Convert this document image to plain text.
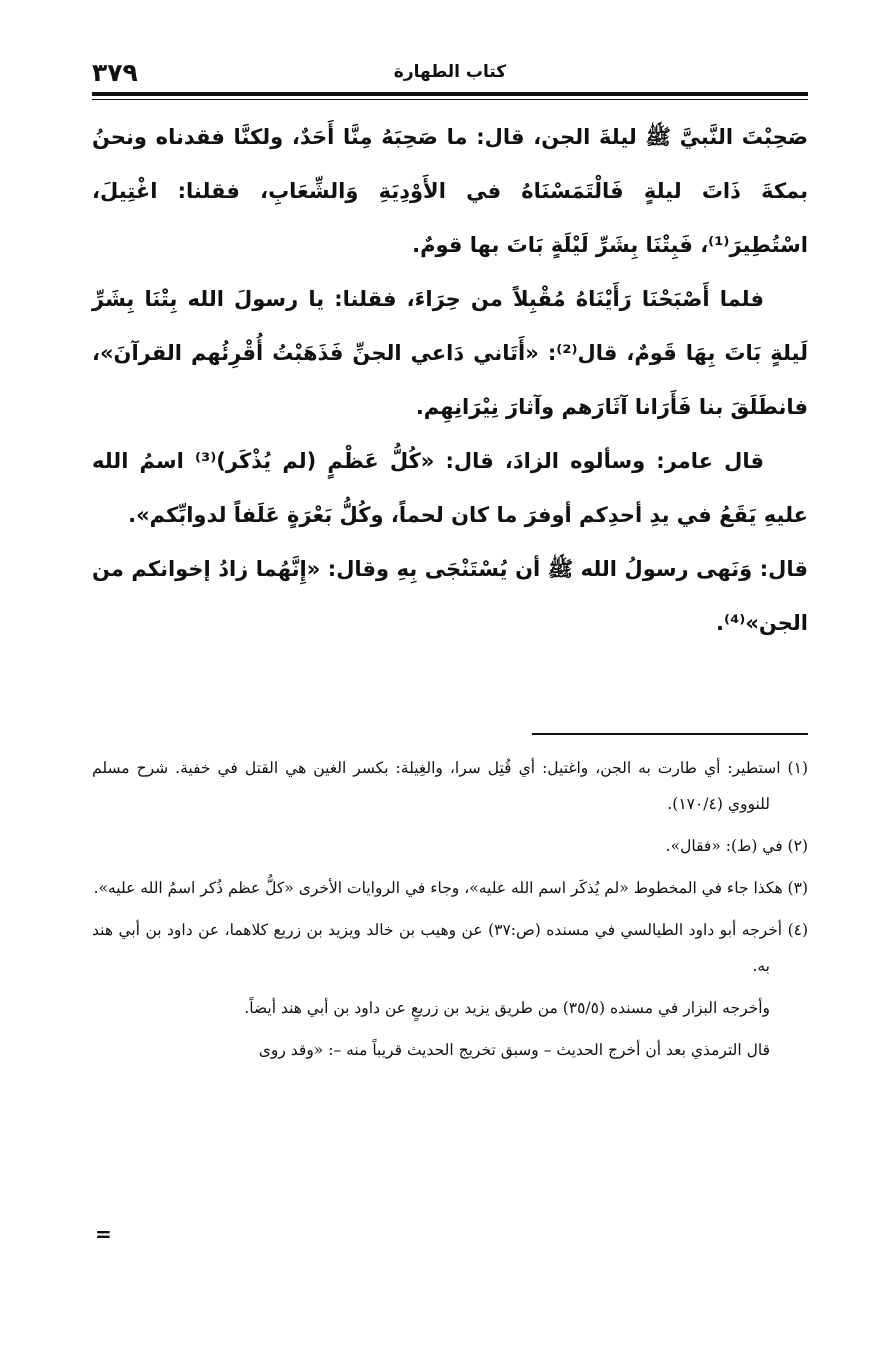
٣٧٩	كتاب الطهارة

صَحِبْتَ النَّبيَّ ﷺ ليلةَ الجن، قال: ما صَحِبَهُ مِنَّا أَحَدٌ، ولكنَّا فقدناه ونحنُ بمكةَ ذَاتَ ليلةٍ فَالْتَمَسْنَاهُ في الأَوْدِيَةِ وَالشِّعَابِ، فقلنا: اغْتِيلَ، اسْتُطِيرَ⁽¹⁾، فَبِتْنَا بِشَرِّ لَيْلَةٍ بَاتَ بها قومٌ.

فلما أَصْبَحْنَا رَأَيْنَاهُ مُقْبِلاً من حِرَاءَ، فقلنا: يا رسولَ الله بِتْنَا بِشَرِّ لَيلةٍ بَاتَ بِهَا قَومٌ، قال⁽²⁾: «أَتَاني دَاعي الجنِّ فَذَهَبْتُ أُقْرِئُهم القرآنَ»، فانطَلَقَ بنا فَأَرَانا آثَارَهم وآثارَ نِيْرَانِهِم.

قال عامر: وسألوه الزادَ، قال: «كُلُّ عَظْمٍ (لم يُذْكَر)⁽³⁾ اسمُ الله عليهِ يَقَعُ في يدِ أحدِكم أوفرَ ما كان لحماً، وكُلُّ بَعْرَةٍ عَلَفاً لدوابِّكم».

قال: وَنَهى رسولُ الله ﷺ أن يُسْتَنْجَى بِهِ وقال: «إِنَّهُما زادُ إخوانكم من الجن»⁽⁴⁾.

(١) استطير: أي طارت به الجن، واغتيل: أي قُتِل سرا، والغِيلة: بكسر الغين هي القتل في خفية. شرح مسلم للنووي (١٧٠/٤).

(٢) في (ط): «فقال».

(٣) هكذا جاء في المخطوط «لم يُذكَر اسم الله عليه»، وجاء في الروايات الأخرى «كلُّ عظم ذُكر اسمُ الله عليه».

(٤) أخرجه أبو داود الطيالسي في مسنده (ص:٣٧) عن وهيب بن خالد ويزيد بن زريع كلاهما، عن داود بن أبي هند به.

وأخرجه البزار في مسنده (٣٥/٥) من طريق يزيد بن زريعٍ عن داود بن أبي هند أيضاً.

قال الترمذي بعد أن أخرج الحديث – وسبق تخريج الحديث قريباً منه –: «وقد روى

=
